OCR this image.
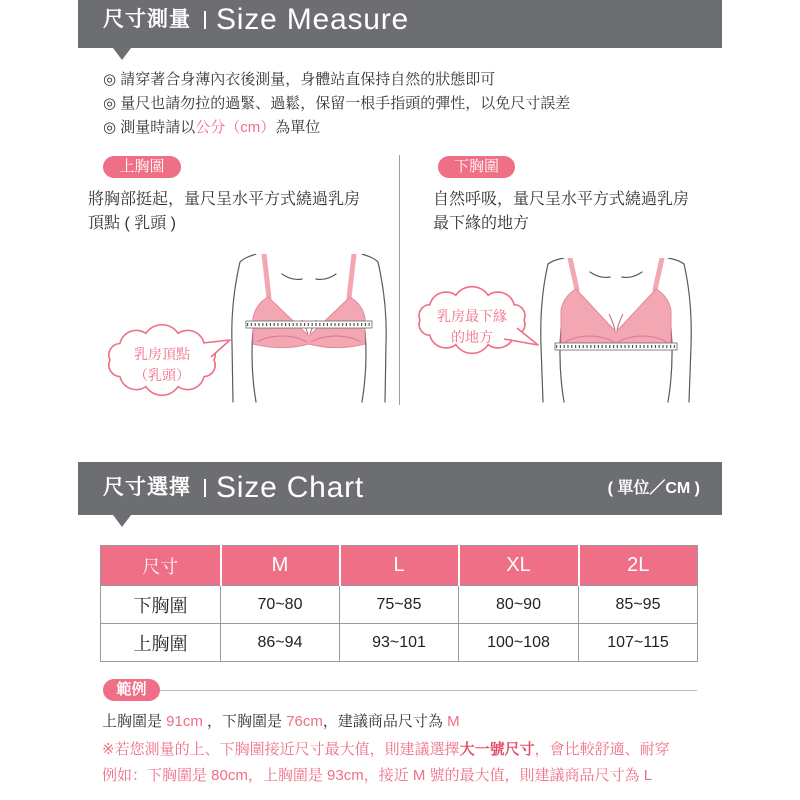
尺寸測量 Size Measure
◎ 請穿著合身薄內衣後測量，身體站直保持自然的狀態即可
◎ 量尺也請勿拉的過緊、過鬆，保留一根手指頭的彈性，以免尺寸誤差
◎ 測量時請以公分（cm）為單位
上胸圍
將胸部挺起，量尺呈水平方式繞過乳房
頂點 ( 乳頭 )
乳房頂點
（乳頭）
下胸圍
自然呼吸，量尺呈水平方式繞過乳房
最下緣的地方
乳房最下緣
的地方
尺寸選擇 Size Chart	( 單位／CM )
尺寸	M	L	XL	2L
下胸圍	70~80	75~85	80~90	85~95
上胸圍	86~94	93~101	100~108	107~115
範例
上胸圍是 91cm ，下胸圍是 76cm，建議商品尺寸為 M
※若您測量的上、下胸圍接近尺寸最大值，則建議選擇大一號尺寸，會比較舒適、耐穿
例如：下胸圍是 80cm，上胸圍是 93cm，接近 M 號的最大值，則建議商品尺寸為 L
